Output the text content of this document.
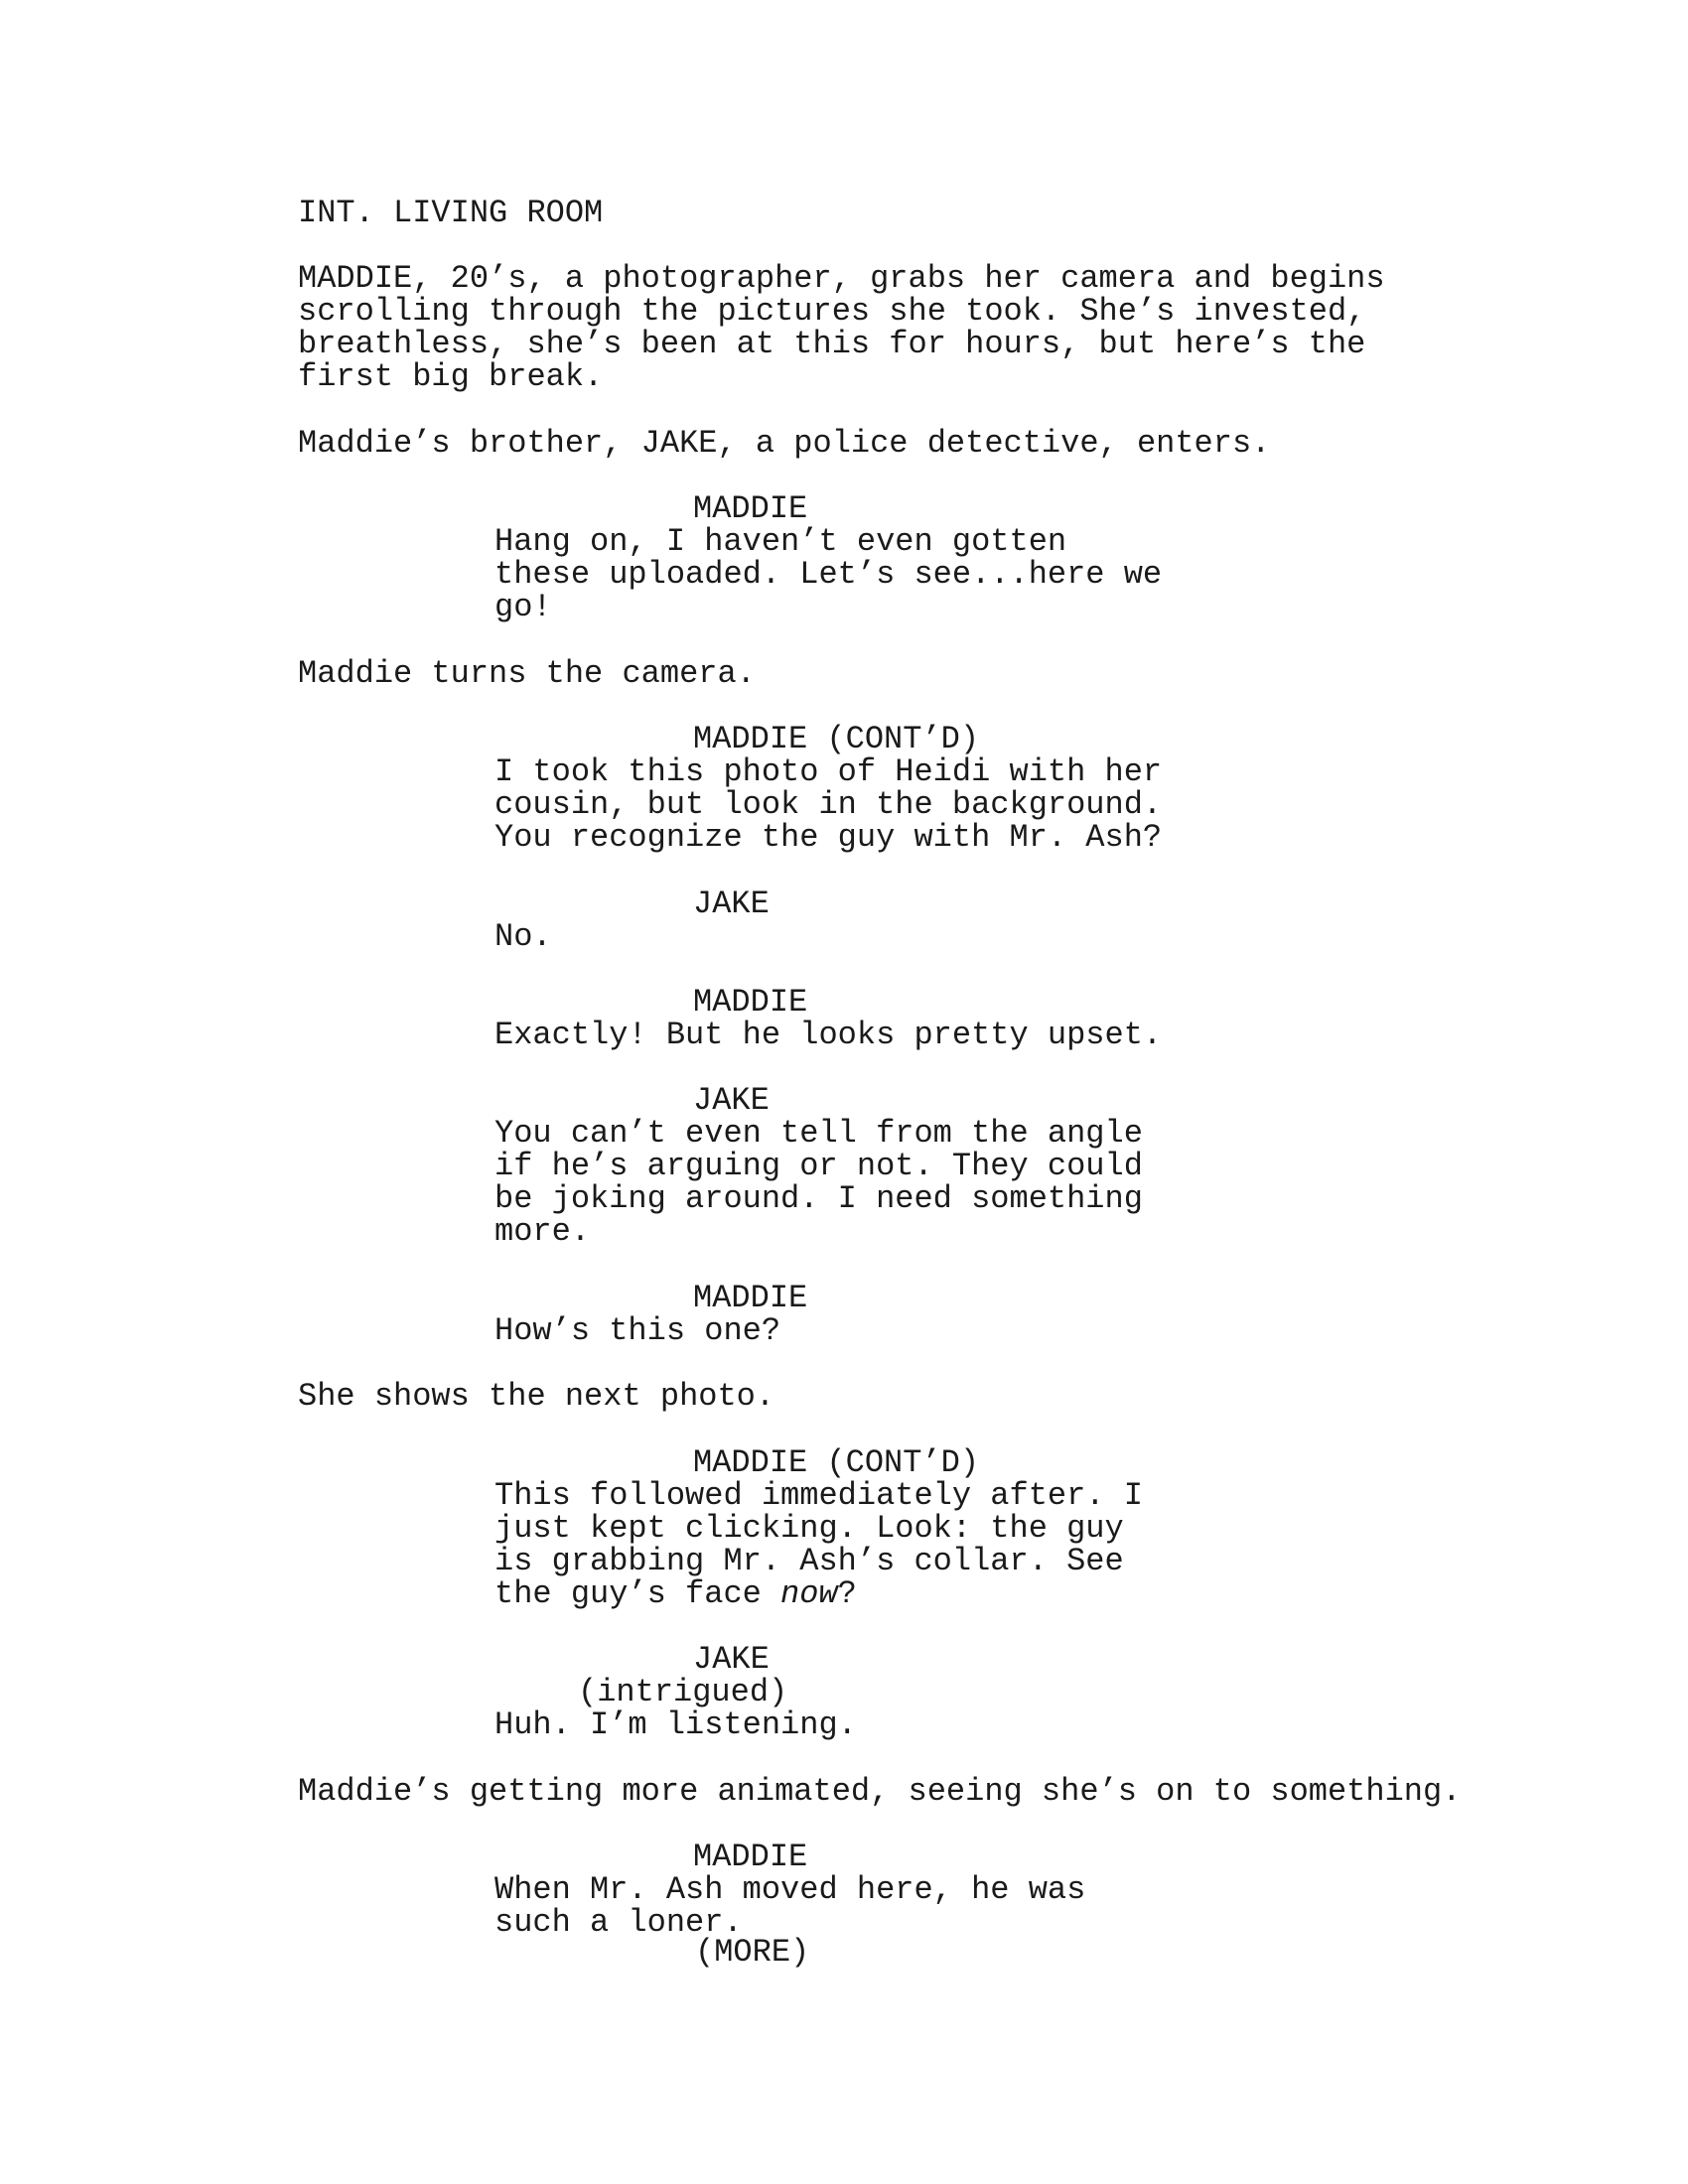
INT. LIVING ROOM
MADDIE, 20’s, a photographer, grabs her camera and begins
scrolling through the pictures she took. She’s invested,
breathless, she’s been at this for hours, but here’s the
first big break.
Maddie’s brother, JAKE, a police detective, enters.
MADDIE
Hang on, I haven’t even gotten
these uploaded. Let’s see...here we
go!
Maddie turns the camera.
MADDIE (CONT’D)
I took this photo of Heidi with her
cousin, but look in the background.
You recognize the guy with Mr. Ash?
JAKE
No.
MADDIE
Exactly! But he looks pretty upset.
JAKE
You can’t even tell from the angle
if he’s arguing or not. They could
be joking around. I need something
more.
MADDIE
How’s this one?
She shows the next photo.
MADDIE (CONT’D)
This followed immediately after. I
just kept clicking. Look: the guy
is grabbing Mr. Ash’s collar. See
the guy’s face now?
JAKE
(intrigued)
Huh. I’m listening.
Maddie’s getting more animated, seeing she’s on to something.
MADDIE
When Mr. Ash moved here, he was
such a loner.
(MORE)
